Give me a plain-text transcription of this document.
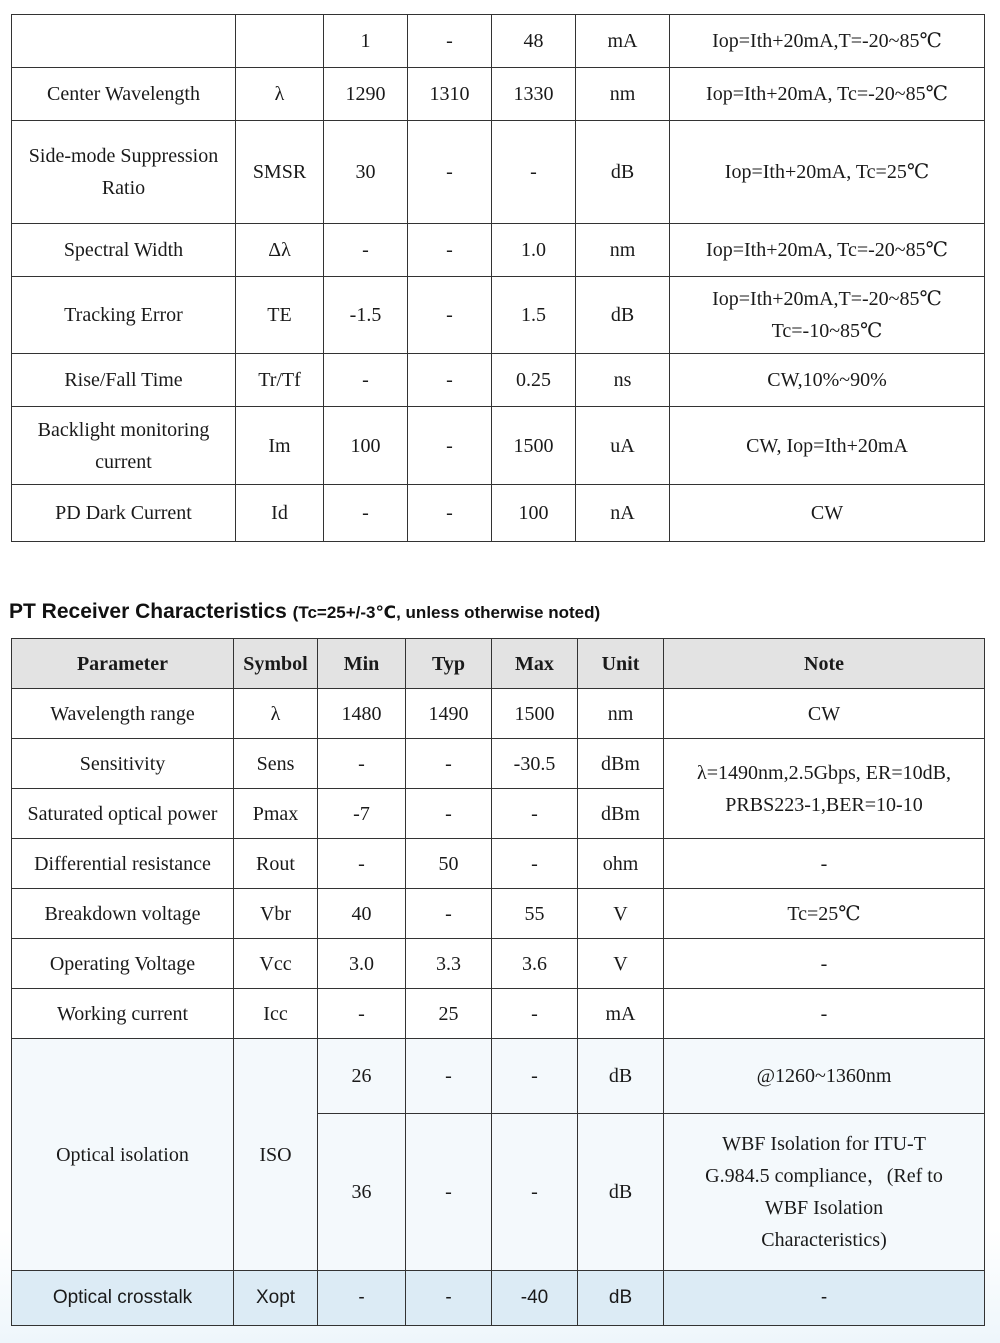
		1	-	48	mA	Iop=Ith+20mA,T=-20~85℃
Center Wavelength	λ	1290	1310	1330	nm	Iop=Ith+20mA, Tc=-20~85℃

Side-mode Suppression
Ratio	SMSR	30	-	-	dB	Iop=Ith+20mA, Tc=25℃
Spectral Width	Δλ	-	-	1.0	nm	Iop=Ith+20mA, Tc=-20~85℃
Tracking Error	TE	-1.5	-	1.5	dB	Iop=Ith+20mA,T=-20~85℃
Tc=-10~85℃

Rise/Fall Time	Tr/Tf	-	-	0.25	ns	CW,10%~90%

Backlight monitoring
current	Im	100	-	1500	uA	CW, Iop=Ith+20mA
PD Dark Current	Id	-	-	100	nA	CW
PT Receiver Characteristics (Tc=25+/-3℃, unless otherwise noted)
Parameter	Symbol	Min	Typ	Max	Unit	Note
Wavelength range	λ	1480	1490	1500	nm	CW
Sensitivity	Sens	-	-	-30.5	dBm	λ=1490nm,2.5Gbps, ER=10dB,
PRBS223-1,BER=10-10

Saturated optical power	Pmax	-7	-	-	dBm	
Differential resistance	Rout	-	50	-	ohm	-
Breakdown voltage	Vbr	40	-	55	V	Tc=25℃
Operating Voltage	Vcc	3.0	3.3	3.6	V	-
Working current	Icc	-	25	-	mA	-
Optical isolation	ISO	26	-	-	dB	@1260~1360nm
		36	-	-	dB	WBF Isolation for ITU-T
G.984.5 compliance，(Ref to
WBF Isolation
Characteristics)

Optical crosstalk	Xopt	-	-	-40	dB	-
